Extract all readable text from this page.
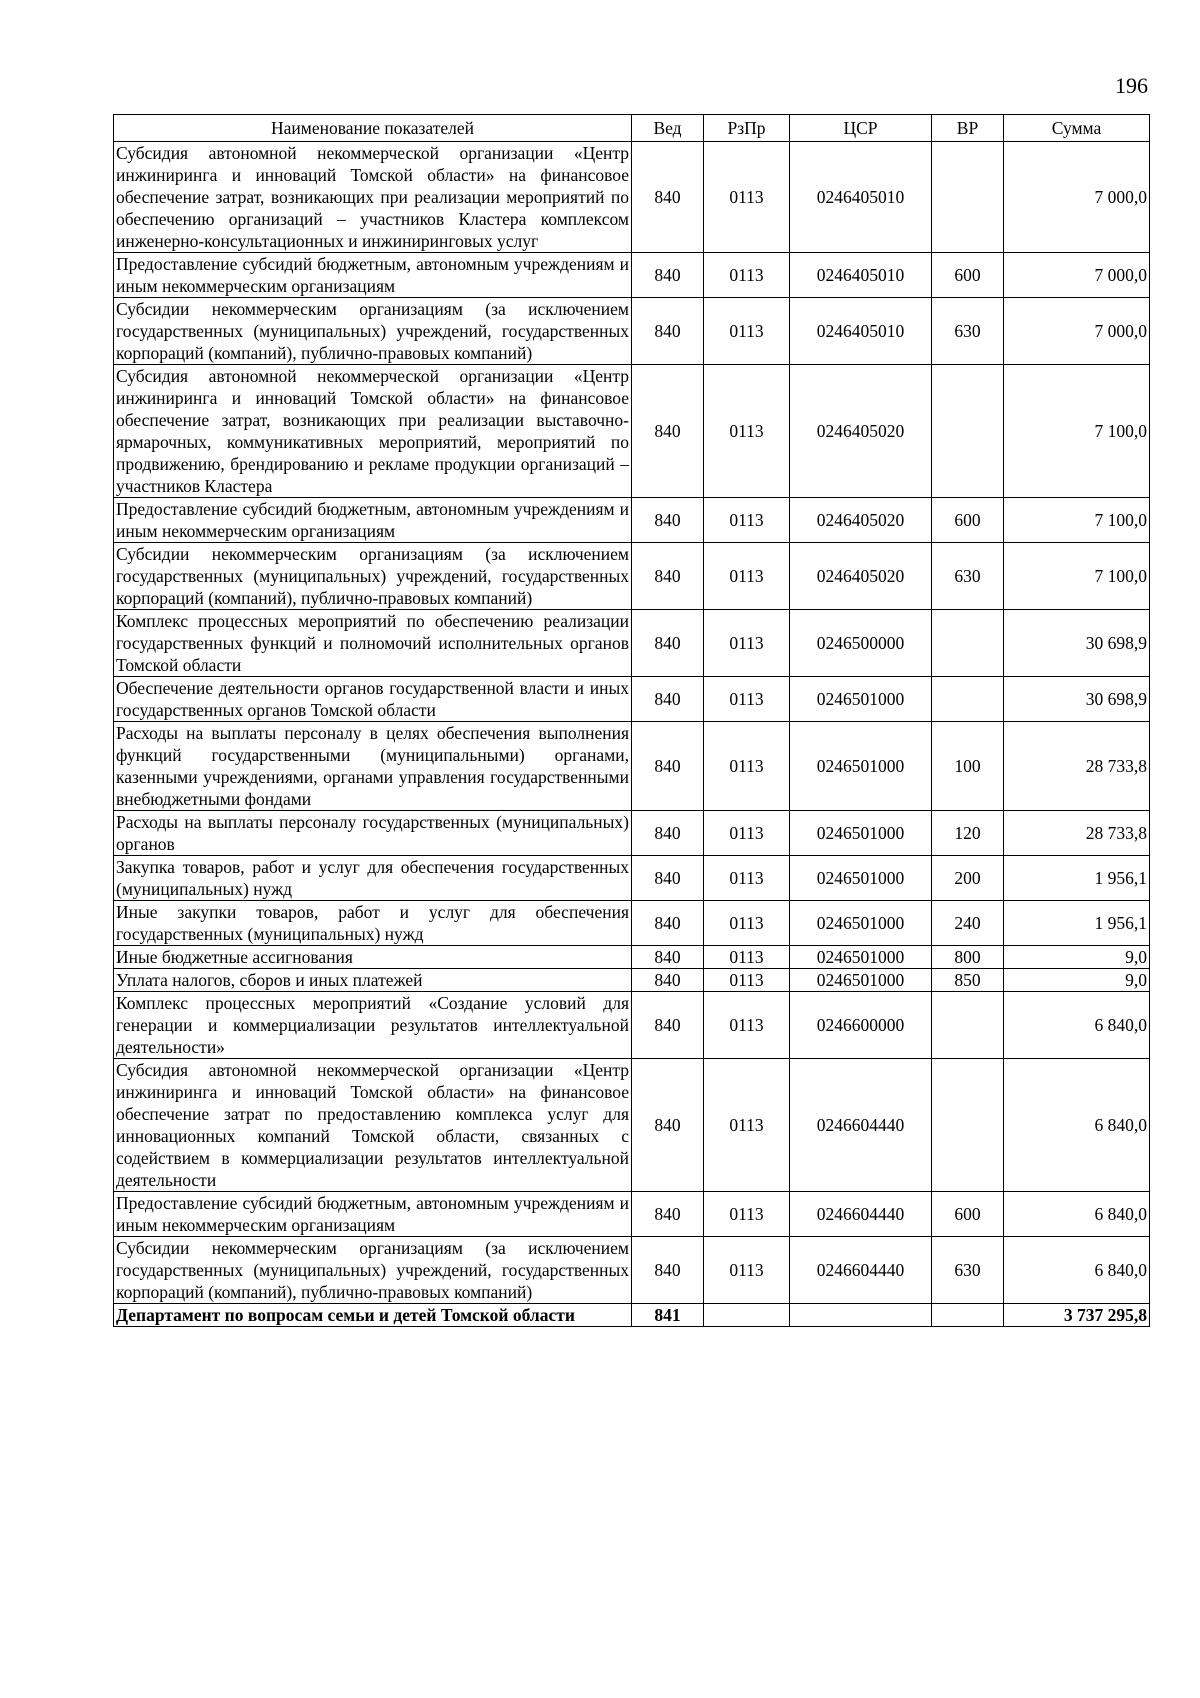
196
Наименование показателей	Вед	РзПр	ЦСР	ВР	Сумма
Субсидия автономной некоммерческой организации «Центр инжиниринга и инноваций Томской области» на финансовое обеспечение затрат, возникающих при реализации мероприятий по обеспечению организаций – участников Кластера комплексом инженерно-консультационных и инжиниринговых услуг	840	0113	0246405010		7 000,0
Предоставление субсидий бюджетным, автономным учреждениям и иным некоммерческим организациям	840	0113	0246405010	600	7 000,0
Субсидии некоммерческим организациям (за исключением государственных (муниципальных) учреждений, государственных корпораций (компаний), публично-правовых компаний)	840	0113	0246405010	630	7 000,0
Субсидия автономной некоммерческой организации «Центр инжиниринга и инноваций Томской области» на финансовое обеспечение затрат, возникающих при реализации выставочно-ярмарочных, коммуникативных мероприятий, мероприятий по продвижению, брендированию и рекламе продукции организаций – участников Кластера	840	0113	0246405020		7 100,0
Предоставление субсидий бюджетным, автономным учреждениям и иным некоммерческим организациям	840	0113	0246405020	600	7 100,0
Субсидии некоммерческим организациям (за исключением государственных (муниципальных) учреждений, государственных корпораций (компаний), публично-правовых компаний)	840	0113	0246405020	630	7 100,0
Комплекс процессных мероприятий по обеспечению реализации государственных функций и полномочий исполнительных органов Томской области	840	0113	0246500000		30 698,9
Обеспечение деятельности органов государственной власти и иных государственных органов Томской области	840	0113	0246501000		30 698,9
Расходы на выплаты персоналу в целях обеспечения выполнения функций государственными (муниципальными) органами, казенными учреждениями, органами управления государственными внебюджетными фондами	840	0113	0246501000	100	28 733,8
Расходы на выплаты персоналу государственных (муниципальных) органов	840	0113	0246501000	120	28 733,8
Закупка товаров, работ и услуг для обеспечения государственных (муниципальных) нужд	840	0113	0246501000	200	1 956,1
Иные закупки товаров, работ и услуг для обеспечения государственных (муниципальных) нужд	840	0113	0246501000	240	1 956,1
Иные бюджетные ассигнования	840	0113	0246501000	800	9,0
Уплата налогов, сборов и иных платежей	840	0113	0246501000	850	9,0
Комплекс процессных мероприятий «Создание условий для генерации и коммерциализации результатов интеллектуальной деятельности»	840	0113	0246600000		6 840,0
Субсидия автономной некоммерческой организации «Центр инжиниринга и инноваций Томской области» на финансовое обеспечение затрат по предоставлению комплекса услуг для инновационных компаний Томской области, связанных с содействием в коммерциализации результатов интеллектуальной деятельности	840	0113	0246604440		6 840,0
Предоставление субсидий бюджетным, автономным учреждениям и иным некоммерческим организациям	840	0113	0246604440	600	6 840,0
Субсидии некоммерческим организациям (за исключением государственных (муниципальных) учреждений, государственных корпораций (компаний), публично-правовых компаний)	840	0113	0246604440	630	6 840,0
Департамент по вопросам семьи и детей Томской области	841				3 737 295,8
